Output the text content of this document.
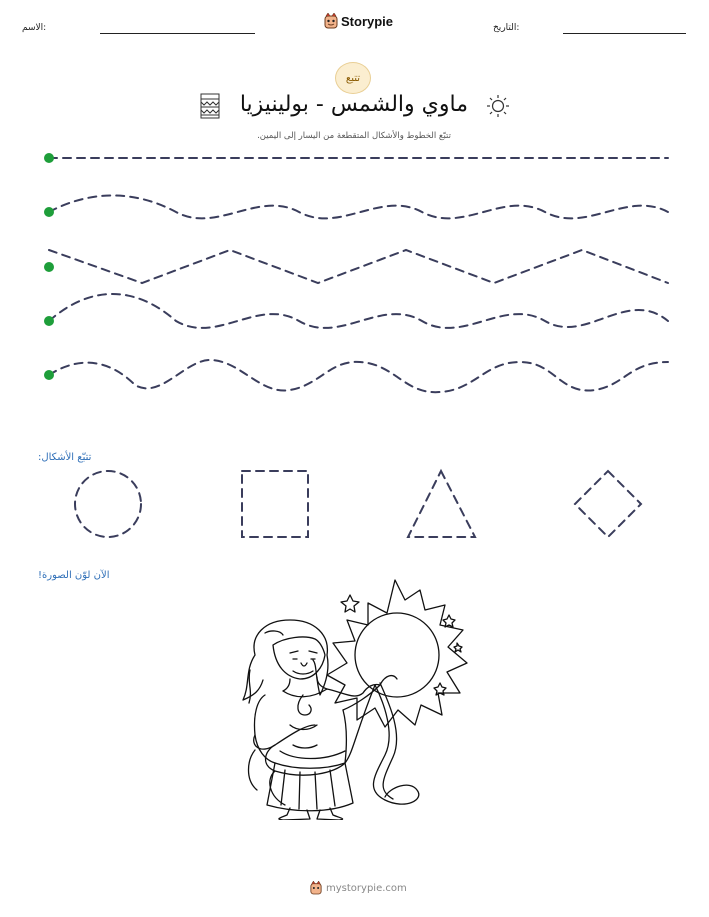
الاسم:	Storypie	التاريخ:
تتبع
ماوي والشمس - بولينيزيا
تتبّع الخطوط والأشكال المتقطعة من اليسار إلى اليمين.
تتبّع الأشكال:
الآن لوّن الصورة!
mystorypie.com
